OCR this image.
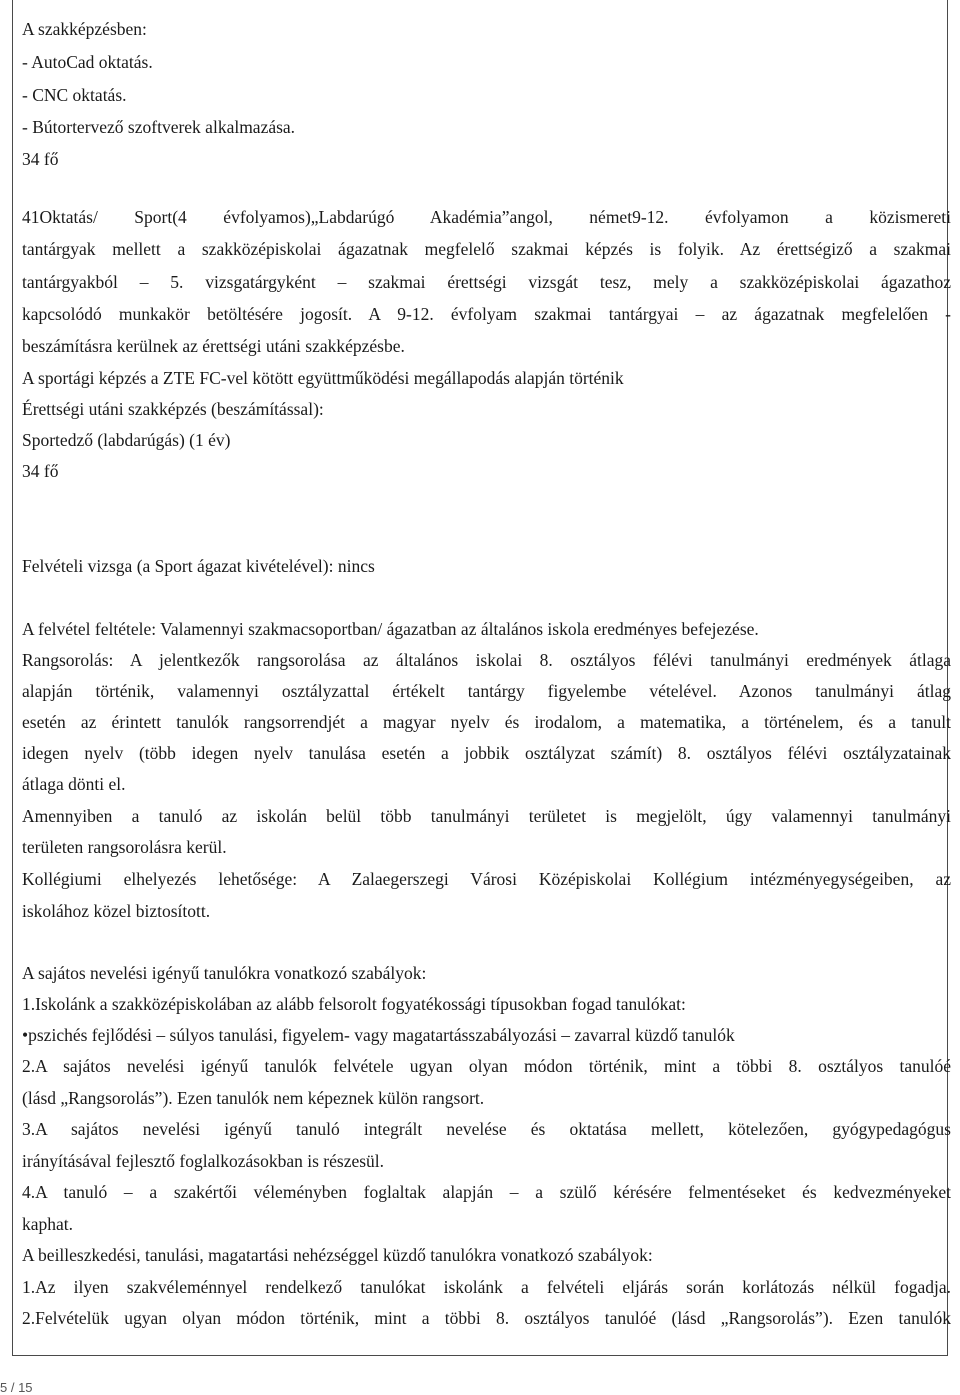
A szakképzésben:
- AutoCad oktatás.
- CNC oktatás.
- Bútortervező szoftverek alkalmazása.
34 fő
41Oktatás/ Sport(4 évfolyamos)„Labdarúgó Akadémia”angol, német9-12. évfolyamon a közismereti
tantárgyak mellett a szakközépiskolai ágazatnak megfelelő szakmai képzés is folyik. Az érettségiző a szakmai
tantárgyakból – 5. vizsgatárgyként – szakmai érettségi vizsgát tesz, mely a szakközépiskolai ágazathoz
kapcsolódó munkakör betöltésére jogosít. A 9-12. évfolyam szakmai tantárgyai – az ágazatnak megfelelően -
beszámításra kerülnek az érettségi utáni szakképzésbe.
A sportági képzés a ZTE FC-vel kötött együttműködési megállapodás alapján történik
Érettségi utáni szakképzés (beszámítással):
Sportedző (labdarúgás) (1 év)
34 fő
Felvételi vizsga (a Sport ágazat kivételével): nincs
A felvétel feltétele: Valamennyi szakmacsoportban/ ágazatban az általános iskola eredményes befejezése.
Rangsorolás: A jelentkezők rangsorolása az általános iskolai 8. osztályos félévi tanulmányi eredmények átlaga
alapján történik, valamennyi osztályzattal értékelt tantárgy figyelembe vételével. Azonos tanulmányi átlag
esetén az érintett tanulók rangsorrendjét a magyar nyelv és irodalom, a matematika, a történelem, és a tanult
idegen nyelv (több idegen nyelv tanulása esetén a jobbik osztályzat számít) 8. osztályos félévi osztályzatainak
átlaga dönti el.
Amennyiben a tanuló az iskolán belül több tanulmányi területet is megjelölt, úgy valamennyi tanulmányi
területen rangsorolásra kerül.
Kollégiumi elhelyezés lehetősége: A Zalaegerszegi Városi Középiskolai Kollégium intézményegységeiben, az
iskolához közel biztosított.
A sajátos nevelési igényű tanulókra vonatkozó szabályok:
1.Iskolánk a szakközépiskolában az alább felsorolt fogyatékossági típusokban fogad tanulókat:
•pszichés fejlődési – súlyos tanulási, figyelem- vagy magatartásszabályozási – zavarral küzdő tanulók
2.A sajátos nevelési igényű tanulók felvétele ugyan olyan módon történik, mint a többi 8. osztályos tanulóé
(lásd „Rangsorolás”). Ezen tanulók nem képeznek külön rangsort.
3.A sajátos nevelési igényű tanuló integrált nevelése és oktatása mellett, kötelezően, gyógypedagógus
irányításával fejlesztő foglalkozásokban is részesül.
4.A tanuló – a szakértői véleményben foglaltak alapján – a szülő kérésére felmentéseket és kedvezményeket
kaphat.
A beilleszkedési, tanulási, magatartási nehézséggel küzdő tanulókra vonatkozó szabályok:
1.Az ilyen szakvéleménnyel rendelkező tanulókat iskolánk a felvételi eljárás során korlátozás nélkül fogadja.
2.Felvételük ugyan olyan módon történik, mint a többi 8. osztályos tanulóé (lásd „Rangsorolás”). Ezen tanulók
5 / 15
